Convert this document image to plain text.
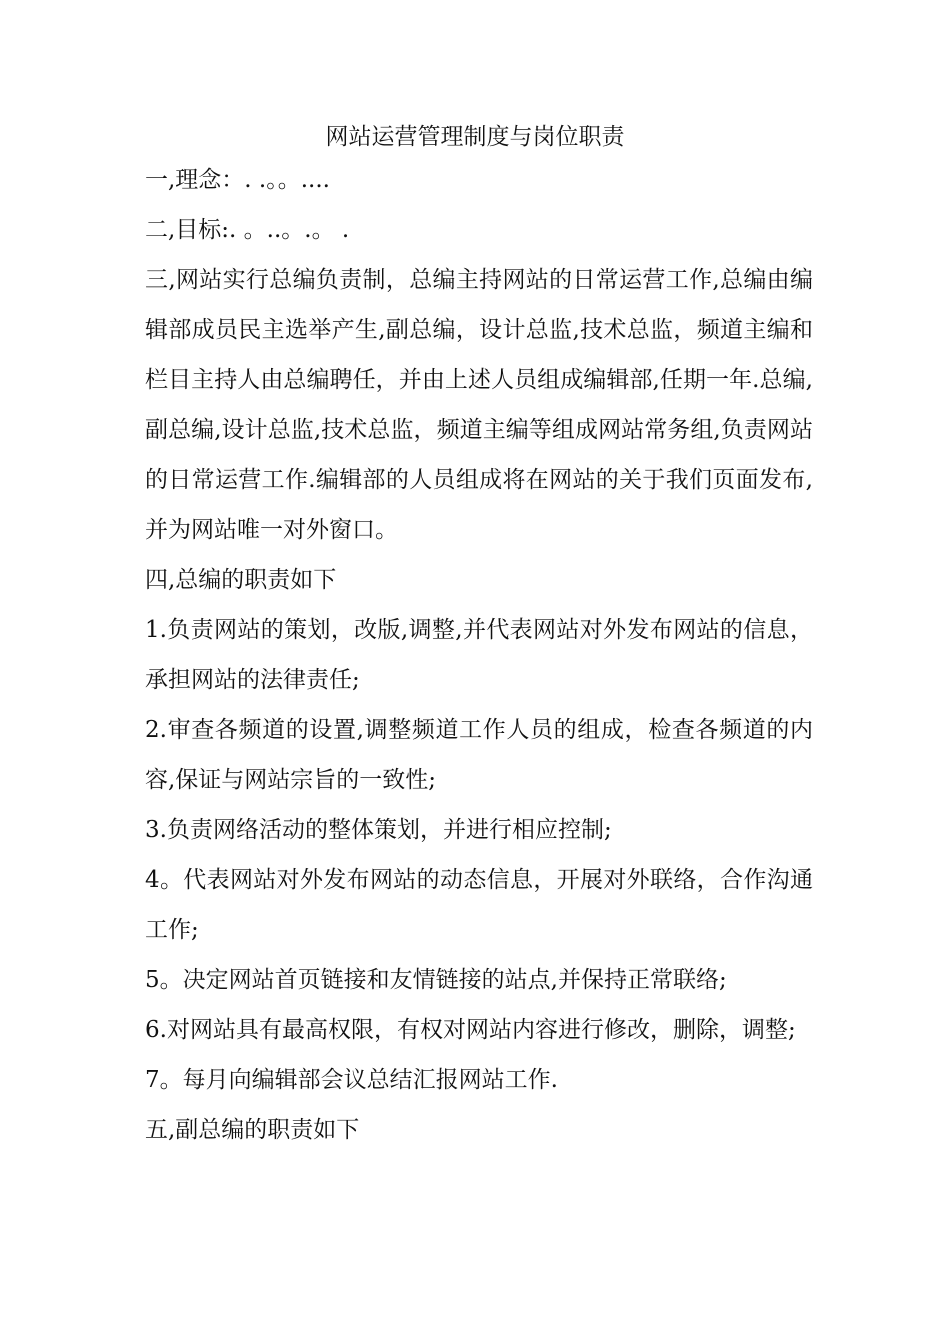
网站运营管理制度与岗位职责

一,理念：. .。。....

二,目标:. 。..。.。 .

三,网站实行总编负责制，总编主持网站的日常运营工作,总编由编辑部成员民主选举产生,副总编，设计总监,技术总监，频道主编和栏目主持人由总编聘任，并由上述人员组成编辑部,任期一年.总编,副总编,设计总监,技术总监，频道主编等组成网站常务组,负责网站的日常运营工作.编辑部的人员组成将在网站的关于我们页面发布,并为网站唯一对外窗口。

四,总编的职责如下

1.负责网站的策划，改版,调整,并代表网站对外发布网站的信息，承担网站的法律责任;

2.审查各频道的设置,调整频道工作人员的组成，检查各频道的内容,保证与网站宗旨的一致性;

3.负责网络活动的整体策划，并进行相应控制;

4。代表网站对外发布网站的动态信息，开展对外联络，合作沟通工作;

5。决定网站首页链接和友情链接的站点,并保持正常联络;

6.对网站具有最高权限，有权对网站内容进行修改，删除，调整;

7。每月向编辑部会议总结汇报网站工作.

五,副总编的职责如下
